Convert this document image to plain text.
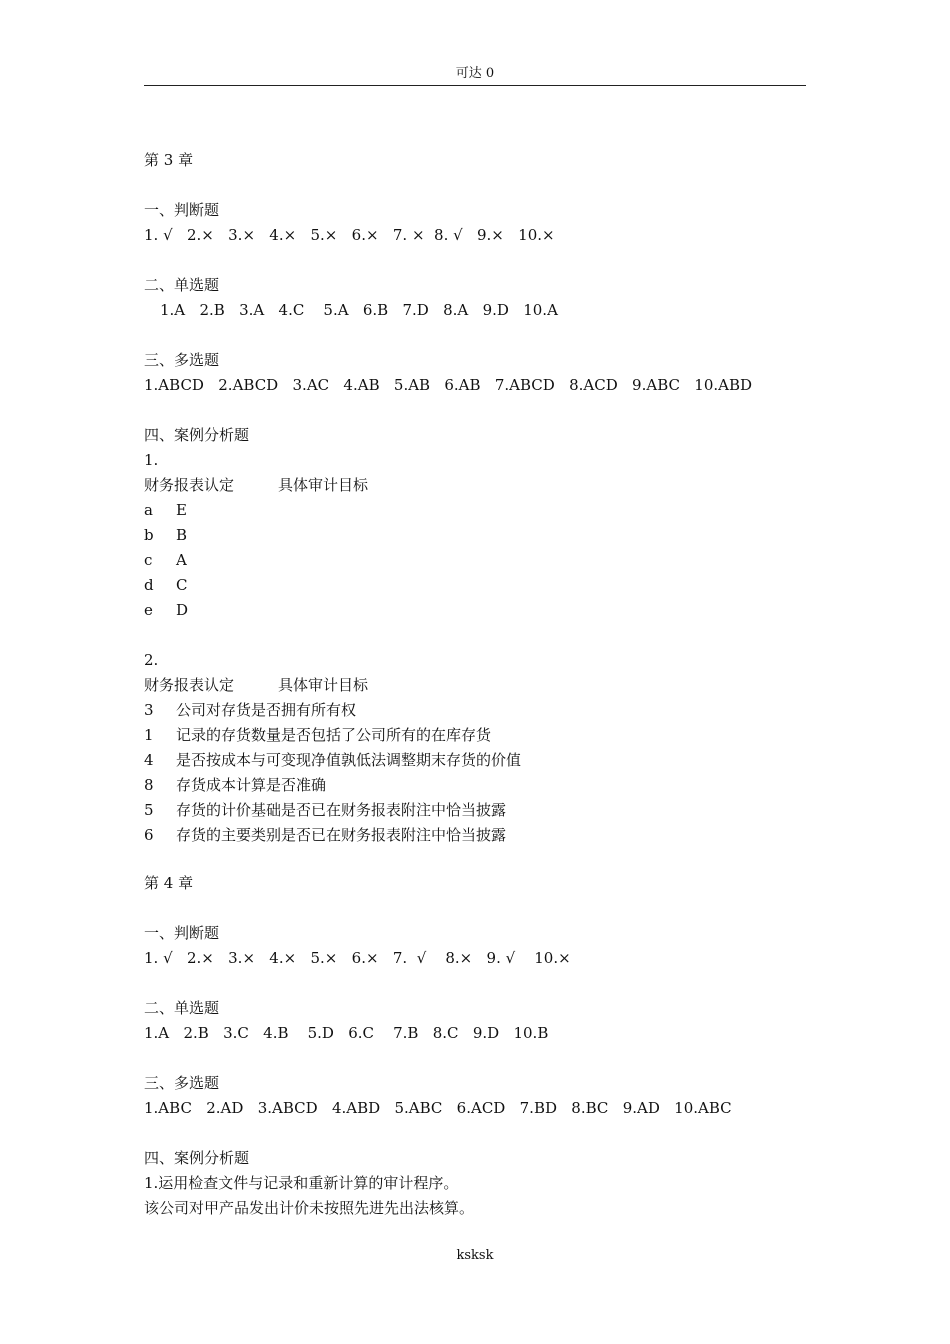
可达 0
第 3 章
一、判断题
1. √   2.×   3.×   4.×   5.×   6.×   7. ×  8. √   9.×   10.×
二、单选题
1.A   2.B   3.A   4.C    5.A   6.B   7.D   8.A   9.D   10.A
三、多选题
1.ABCD   2.ABCD   3.AC   4.AB   5.AB   6.AB   7.ABCD   8.ACD   9.ABC   10.ABD
四、案例分析题
1.
财务报表认定	具体审计目标
a E
b B
c A
d C
e D
2.
财务报表认定	具体审计目标
3 公司对存货是否拥有所有权
1 记录的存货数量是否包括了公司所有的在库存货
4 是否按成本与可变现净值孰低法调整期末存货的价值
8 存货成本计算是否准确
5 存货的计价基础是否已在财务报表附注中恰当披露
6 存货的主要类别是否已在财务报表附注中恰当披露
第 4 章
一、判断题
1. √   2.×   3.×   4.×   5.×   6.×   7.  √    8.×   9. √    10.×
二、单选题
1.A   2.B   3.C   4.B    5.D   6.C    7.B   8.C   9.D   10.B
三、多选题
1.ABC   2.AD   3.ABCD   4.ABD   5.ABC   6.ACD   7.BD   8.BC   9.AD   10.ABC
四、案例分析题
1.运用检查文件与记录和重新计算的审计程序。
该公司对甲产品发出计价未按照先进先出法核算。
ksksk
